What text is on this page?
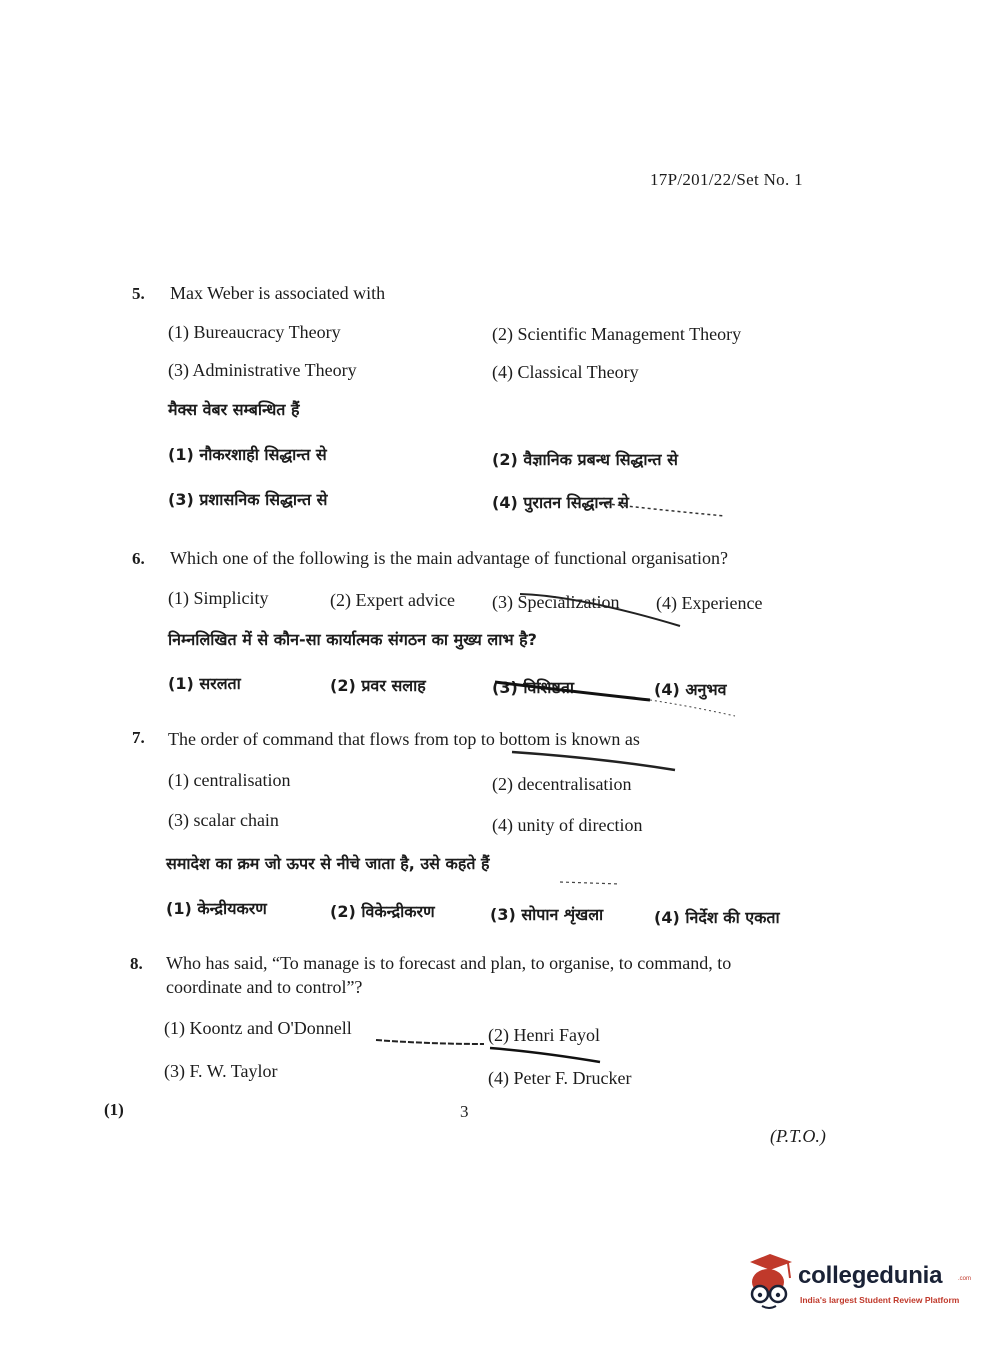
17P/201/22/Set No. 1
5. Max Weber is associated with
(1) Bureaucracy Theory	(2) Scientific Management Theory
(3) Administrative Theory	(4) Classical Theory
मैक्स वेबर सम्बन्धित हैं
(1) नौकरशाही सिद्धान्त से	(2) वैज्ञानिक प्रबन्ध सिद्धान्त से
(3) प्रशासनिक सिद्धान्त से	(4) पुरातन सिद्धान्त से
6. Which one of the following is the main advantage of functional organisation?
(1) Simplicity	(2) Expert advice (3) Specialization (4) Experience
निम्नलिखित में से कौन-सा कार्यात्मक संगठन का मुख्य लाभ है?
(1) सरलता	(2) प्रवर सलाह	(3) विशिष्टता	(4) अनुभव
7. The order of command that flows from top to bottom is known as
(1) centralisation	(2) decentralisation
(3) scalar chain	(4) unity of direction
समादेश का क्रम जो ऊपर से नीचे जाता है, उसे कहते हैं
(1) केन्द्रीयकरण	(2) विकेन्द्रीकरण	(3) सोपान शृंखला	(4) निर्देश की एकता
8. Who has said, “To manage is to forecast and plan, to organise, to command, to
coordinate and to control”?
(1) Koontz and O'Donnell	(2) Henri Fayol
(3) F. W. Taylor	(4) Peter F. Drucker
(1)	3
(P.T.O.)
collegedunia	.com
India's largest Student Review Platform
